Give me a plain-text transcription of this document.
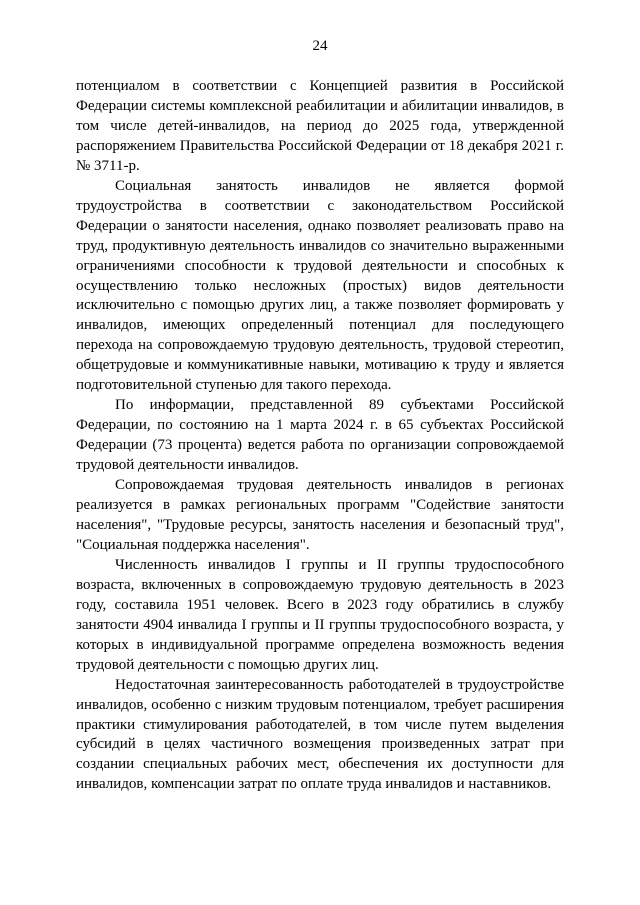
24

потенциалом в соответствии с Концепцией развития в Российской Федерации системы комплексной реабилитации и абилитации инвалидов, в том числе детей-инвалидов, на период до 2025 года, утвержденной распоряжением Правительства Российской Федерации от 18 декабря 2021 г. № 3711-р.

Социальная занятость инвалидов не является формой трудоустройства в соответствии с законодательством Российской Федерации о занятости населения, однако позволяет реализовать право на труд, продуктивную деятельность инвалидов со значительно выраженными ограничениями способности к трудовой деятельности и способных к осуществлению только несложных (простых) видов деятельности исключительно с помощью других лиц, а также позволяет формировать у инвалидов, имеющих определенный потенциал для последующего перехода на сопровождаемую трудовую деятельность, трудовой стереотип, общетрудовые и коммуникативные навыки, мотивацию к труду и является подготовительной ступенью для такого перехода.

По информации, представленной 89 субъектами Российской Федерации, по состоянию на 1 марта 2024 г. в 65 субъектах Российской Федерации (73 процента) ведется работа по организации сопровождаемой трудовой деятельности инвалидов.

Сопровождаемая трудовая деятельность инвалидов в регионах реализуется в рамках региональных программ "Содействие занятости населения", "Трудовые ресурсы, занятость населения и безопасный труд", "Социальная поддержка населения".

Численность инвалидов I группы и II группы трудоспособного возраста, включенных в сопровождаемую трудовую деятельность в 2023 году, составила 1951 человек. Всего в 2023 году обратились в службу занятости 4904 инвалида I группы и II группы трудоспособного возраста, у которых в индивидуальной программе определена возможность ведения трудовой деятельности с помощью других лиц.

Недостаточная заинтересованность работодателей в трудоустройстве инвалидов, особенно с низким трудовым потенциалом, требует расширения практики стимулирования работодателей, в том числе путем выделения субсидий в целях частичного возмещения произведенных затрат при создании специальных рабочих мест, обеспечения их доступности для инвалидов, компенсации затрат по оплате труда инвалидов и наставников.
